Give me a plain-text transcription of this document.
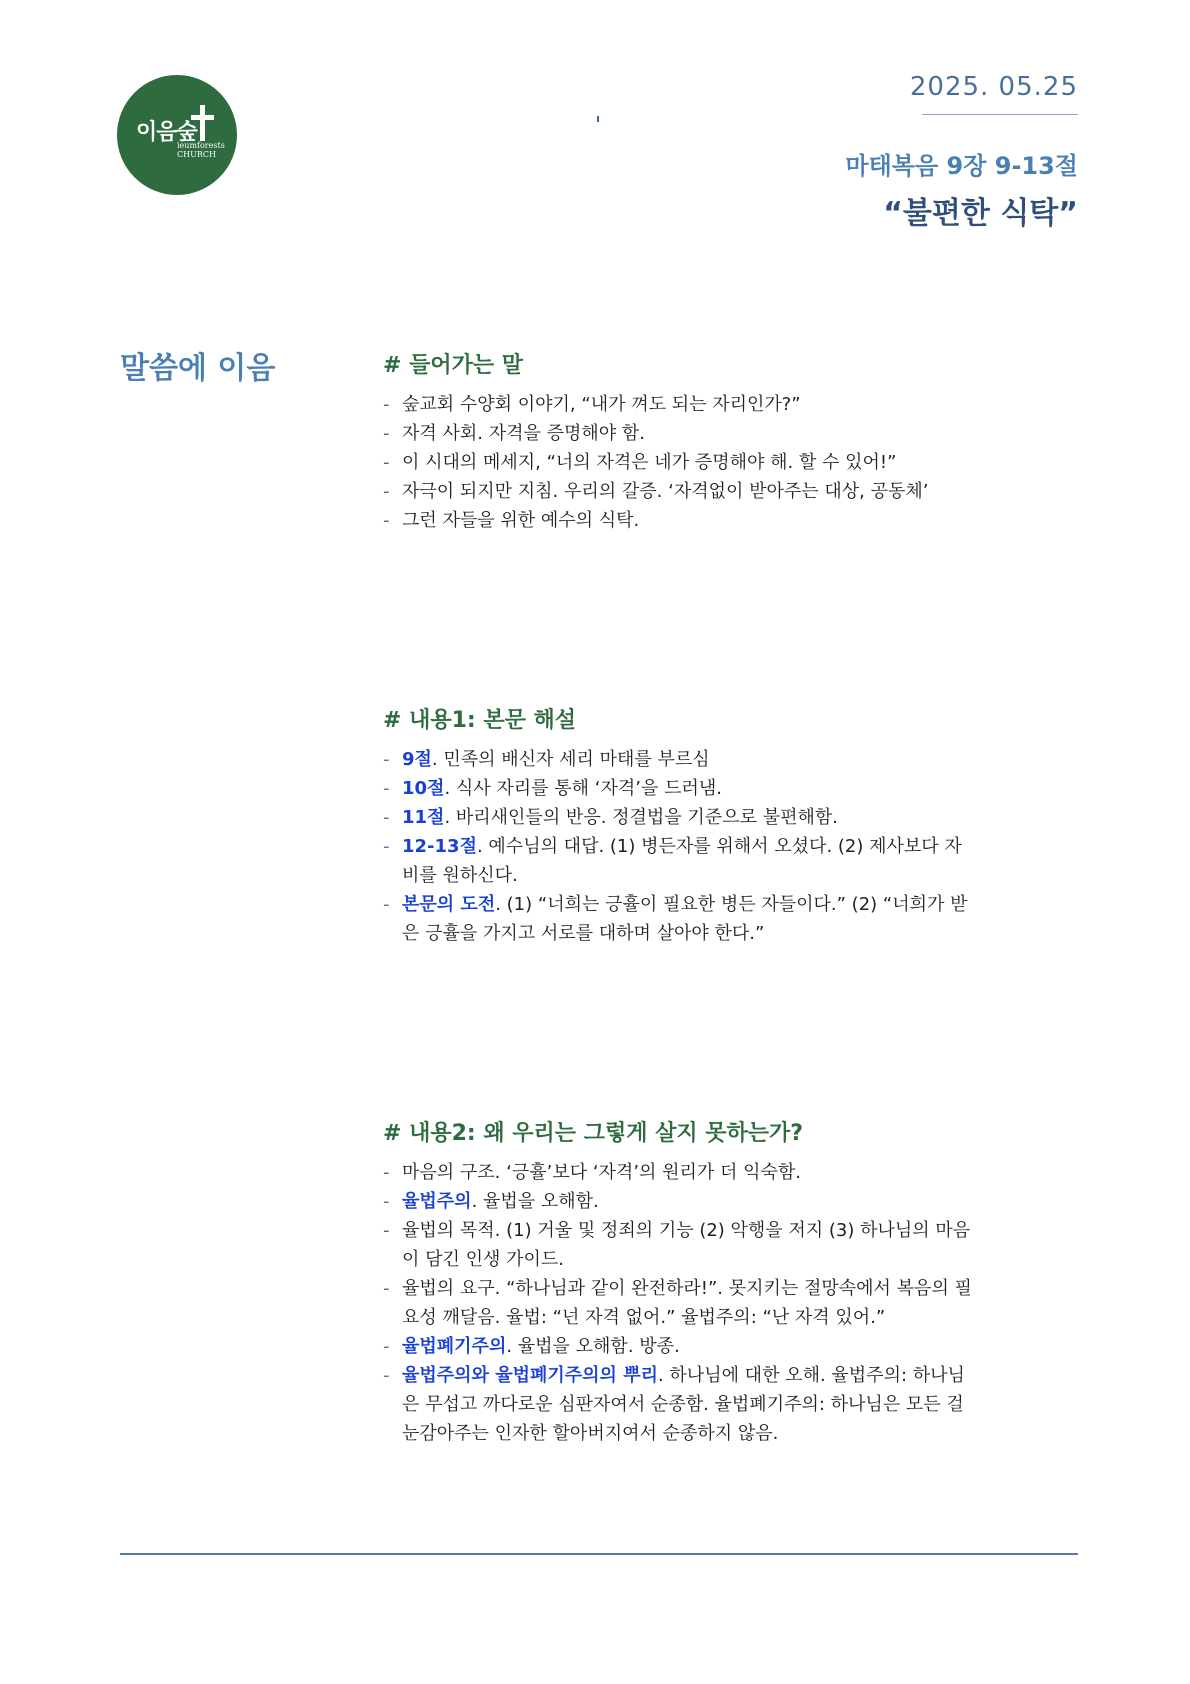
이음숲
ieumforests
CHURCH
2025. 05.25
마태복음 9장 9-13절
“불편한 식탁”
말씀에 이음	# 들어가는 말
- 숲교회 수양회 이야기, “내가 껴도 되는 자리인가?”
- 자격 사회. 자격을 증명해야 함.
- 이 시대의 메세지, “너의 자격은 네가 증명해야 해. 할 수 있어!”
- 자극이 되지만 지침. 우리의 갈증. ‘자격없이 받아주는 대상, 공동체’
- 그런 자들을 위한 예수의 식탁.
# 내용1: 본문 해설
- 9절. 민족의 배신자 세리 마태를 부르심
- 10절. 식사 자리를 통해 ‘자격’을 드러냄.
- 11절. 바리새인들의 반응. 정결법을 기준으로 불편해함.
- 12-13절. 예수님의 대답. (1) 병든자를 위해서 오셨다. (2) 제사보다 자비를 원하신다.
- 본문의 도전. (1) “너희는 긍휼이 필요한 병든 자들이다.” (2) “너희가 받은 긍휼을 가지고 서로를 대하며 살아야 한다.”
# 내용2: 왜 우리는 그렇게 살지 못하는가?
- 마음의 구조. ‘긍휼’보다 ‘자격’의 원리가 더 익숙함.
- 율법주의. 율법을 오해함.
- 율법의 목적. (1) 거울 및 정죄의 기능 (2) 악행을 저지 (3) 하나님의 마음이 담긴 인생 가이드.
- 율법의 요구. “하나님과 같이 완전하라!”. 못지키는 절망속에서 복음의 필요성 깨달음. 율법: “넌 자격 없어.” 율법주의: “난 자격 있어.”
- 율법폐기주의. 율법을 오해함. 방종.
- 율법주의와 율법폐기주의의 뿌리. 하나님에 대한 오해. 율법주의: 하나님은 무섭고 까다로운 심판자여서 순종함. 율법폐기주의: 하나님은 모든 걸 눈감아주는 인자한 할아버지여서 순종하지 않음.
